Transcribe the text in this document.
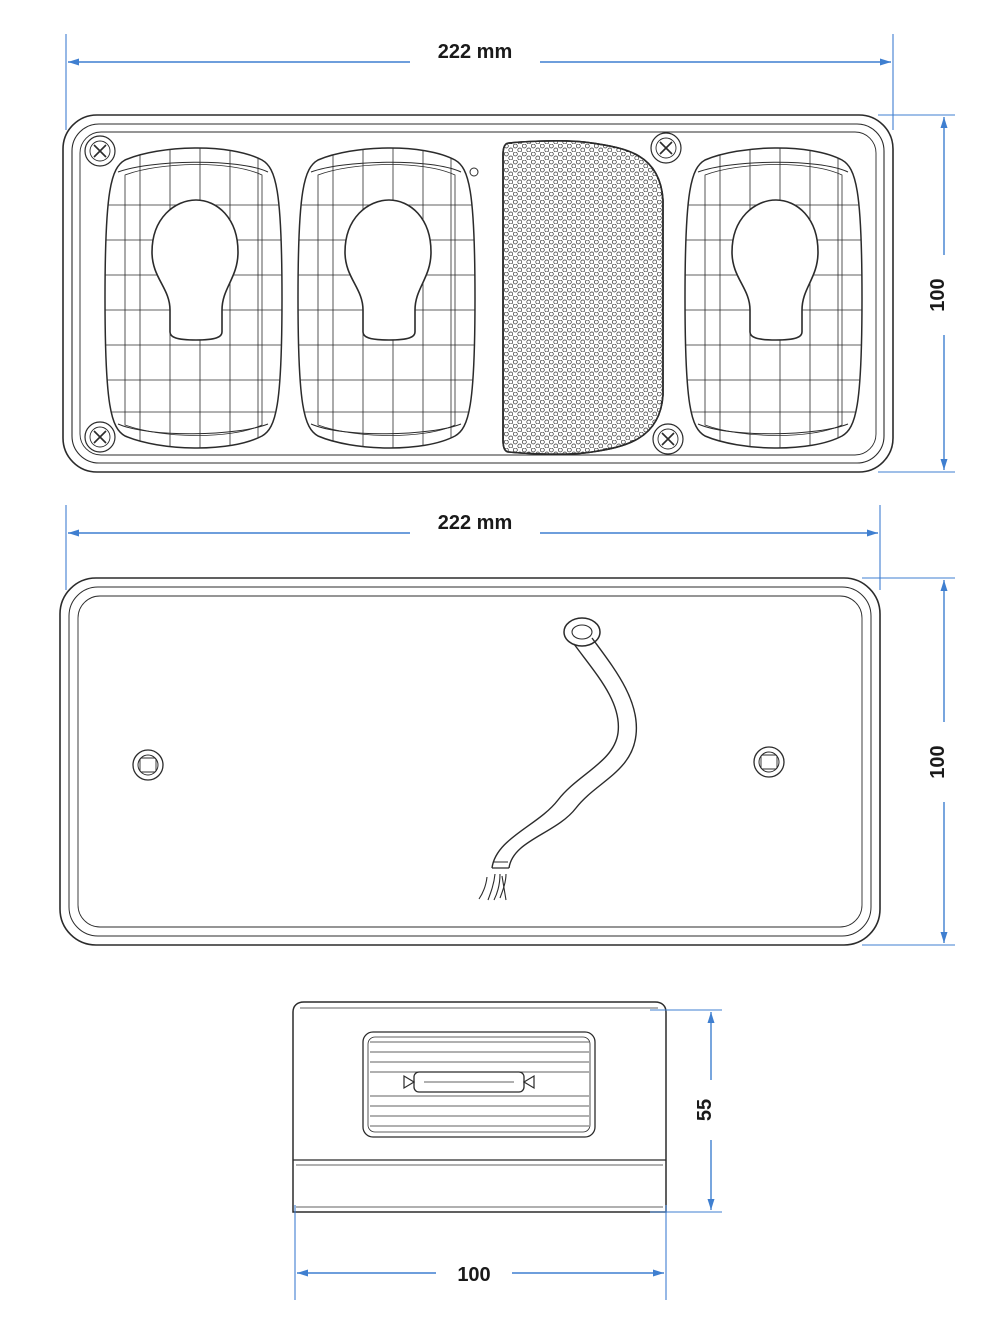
222 mm
100
222 mm
100
55
100
